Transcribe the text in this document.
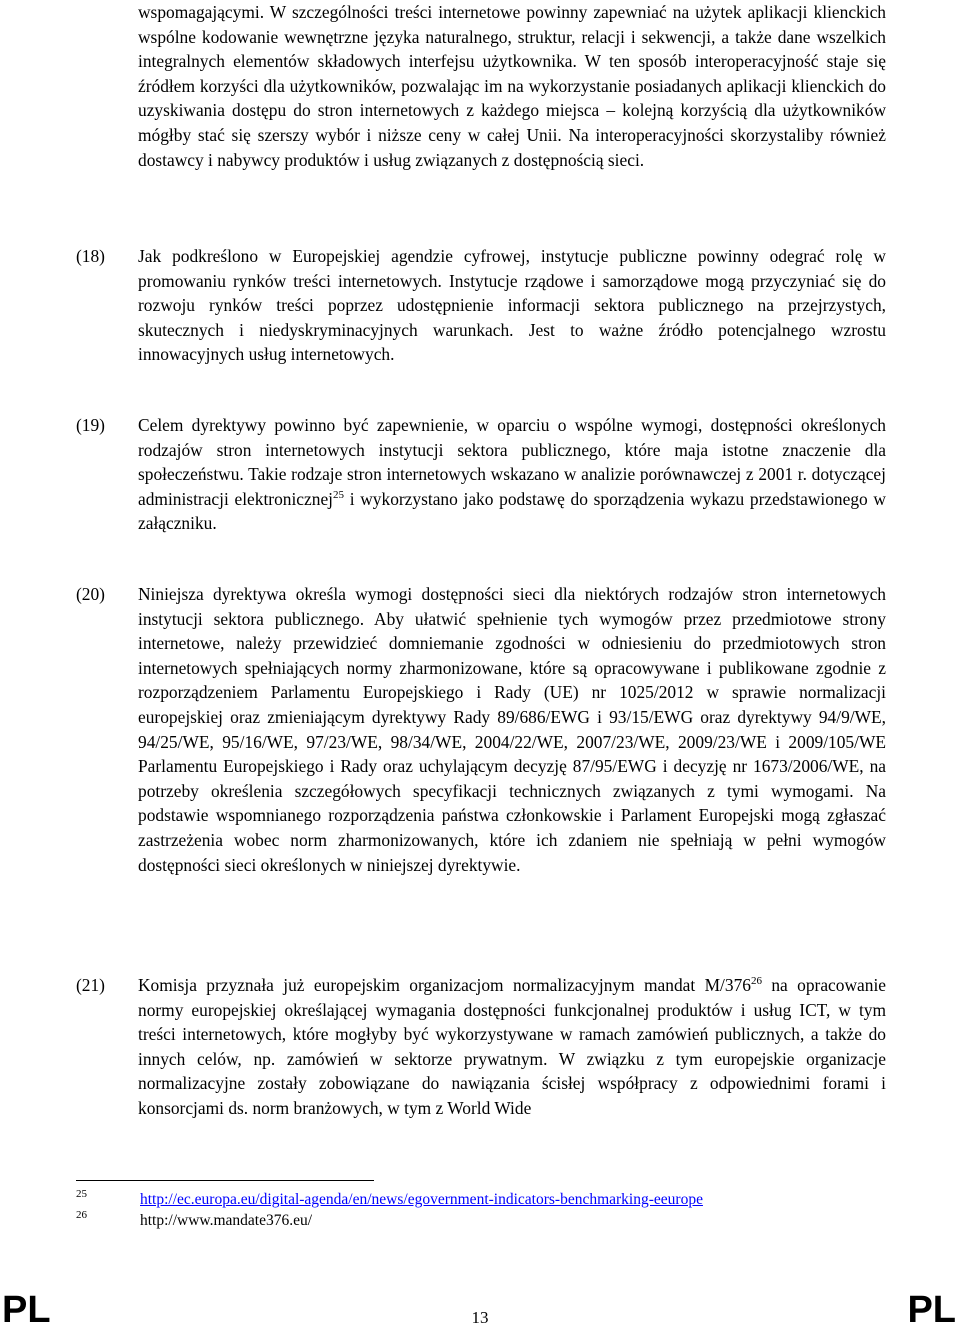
wspomagającymi. W szczególności treści internetowe powinny zapewniać na użytek aplikacji klienckich wspólne kodowanie wewnętrzne języka naturalnego, struktur, relacji i sekwencji, a także dane wszelkich integralnych elementów składowych interfejsu użytkownika. W ten sposób interoperacyjność staje się źródłem korzyści dla użytkowników, pozwalając im na wykorzystanie posiadanych aplikacji klienckich do uzyskiwania dostępu do stron internetowych z każdego miejsca – kolejną korzyścią dla użytkowników mógłby stać się szerszy wybór i niższe ceny w całej Unii. Na interoperacyjności skorzystaliby również dostawcy i nabywcy produktów i usług związanych z dostępnością sieci.

(18) Jak podkreślono w Europejskiej agendzie cyfrowej, instytucje publiczne powinny odegrać rolę w promowaniu rynków treści internetowych. Instytucje rządowe i samorządowe mogą przyczyniać się do rozwoju rynków treści poprzez udostępnienie informacji sektora publicznego na przejrzystych, skutecznych i niedyskryminacyjnych warunkach. Jest to ważne źródło potencjalnego wzrostu innowacyjnych usług internetowych.

(19) Celem dyrektywy powinno być zapewnienie, w oparciu o wspólne wymogi, dostępności określonych rodzajów stron internetowych instytucji sektora publicznego, które maja istotne znaczenie dla społeczeństwu. Takie rodzaje stron internetowych wskazano w analizie porównawczej z 2001 r. dotyczącej administracji elektronicznej$^{25}$ i wykorzystano jako podstawę do sporządzenia wykazu przedstawionego w załączniku.

(20) Niniejsza dyrektywa określa wymogi dostępności sieci dla niektórych rodzajów stron internetowych instytucji sektora publicznego. Aby ułatwić spełnienie tych wymogów przez przedmiotowe strony internetowe, należy przewidzieć domniemanie zgodności w odniesieniu do przedmiotowych stron internetowych spełniających normy zharmonizowane, które są opracowywane i publikowane zgodnie z rozporządzeniem Parlamentu Europejskiego i Rady (UE) nr 1025/2012 w sprawie normalizacji europejskiej oraz zmieniającym dyrektywy Rady 89/686/EWG i 93/15/EWG oraz dyrektywy 94/9/WE, 94/25/WE, 95/16/WE, 97/23/WE, 98/34/WE, 2004/22/WE, 2007/23/WE, 2009/23/WE i 2009/105/WE Parlamentu Europejskiego i Rady oraz uchylającym decyzję 87/95/EWG i decyzję nr 1673/2006/WE, na potrzeby określenia szczegółowych specyfikacji technicznych związanych z tymi wymogami. Na podstawie wspomnianego rozporządzenia państwa członkowskie i Parlament Europejski mogą zgłaszać zastrzeżenia wobec norm zharmonizowanych, które ich zdaniem nie spełniają w pełni wymogów dostępności sieci określonych w niniejszej dyrektywie.

(21) Komisja przyznała już europejskim organizacjom normalizacyjnym mandat $M/376^{26}$ na opracowanie normy europejskiej określającej wymagania dostępności funkcjonalnej produktów i usług ICT, w tym treści internetowych, które mogłyby być wykorzystywane w ramach zamówień publicznych, a także do innych celów, np. zamówień w sektorze prywatnym. W związku z tym europejskie organizacje normalizacyjne zostały zobowiązane do nawiązania ścisłej współpracy z odpowiednimi forami i konsorcjami ds. norm branżowych, w tym z World Wide

25	http://ec.europa.eu/digital-agenda/en/news/egovernment-indicators-benchmarking-eeurope
26	http://www.mandate376.eu/
PL	13	PL
